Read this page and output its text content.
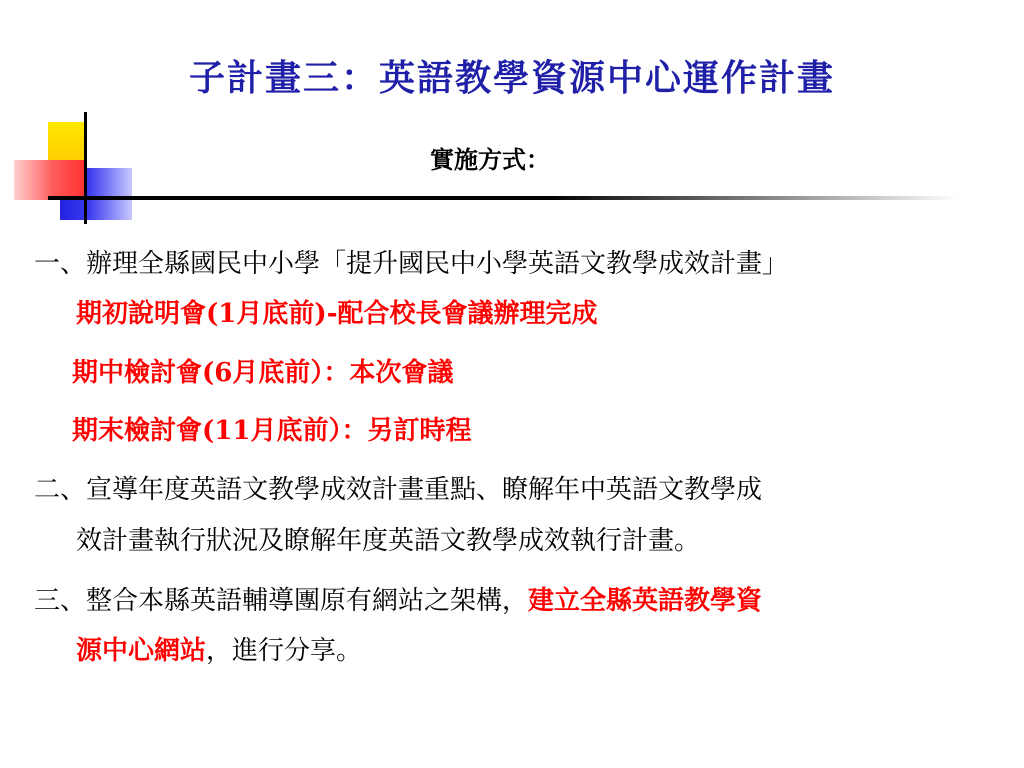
子計畫三：英語教學資源中心運作計畫
實施方式：
一、辦理全縣國民中小學「提升國民中小學英語文教學成效計畫」
期初說明會(1月底前)-配合校長會議辦理完成
期中檢討會(6月底前）：本次會議
期末檢討會(11月底前）：另訂時程
二、宣導年度英語文教學成效計畫重點、瞭解年中英語文教學成
效計畫執行狀況及瞭解年度英語文教學成效執行計畫。
三、整合本縣英語輔導團原有網站之架構，建立全縣英語教學資
源中心網站，進行分享。
